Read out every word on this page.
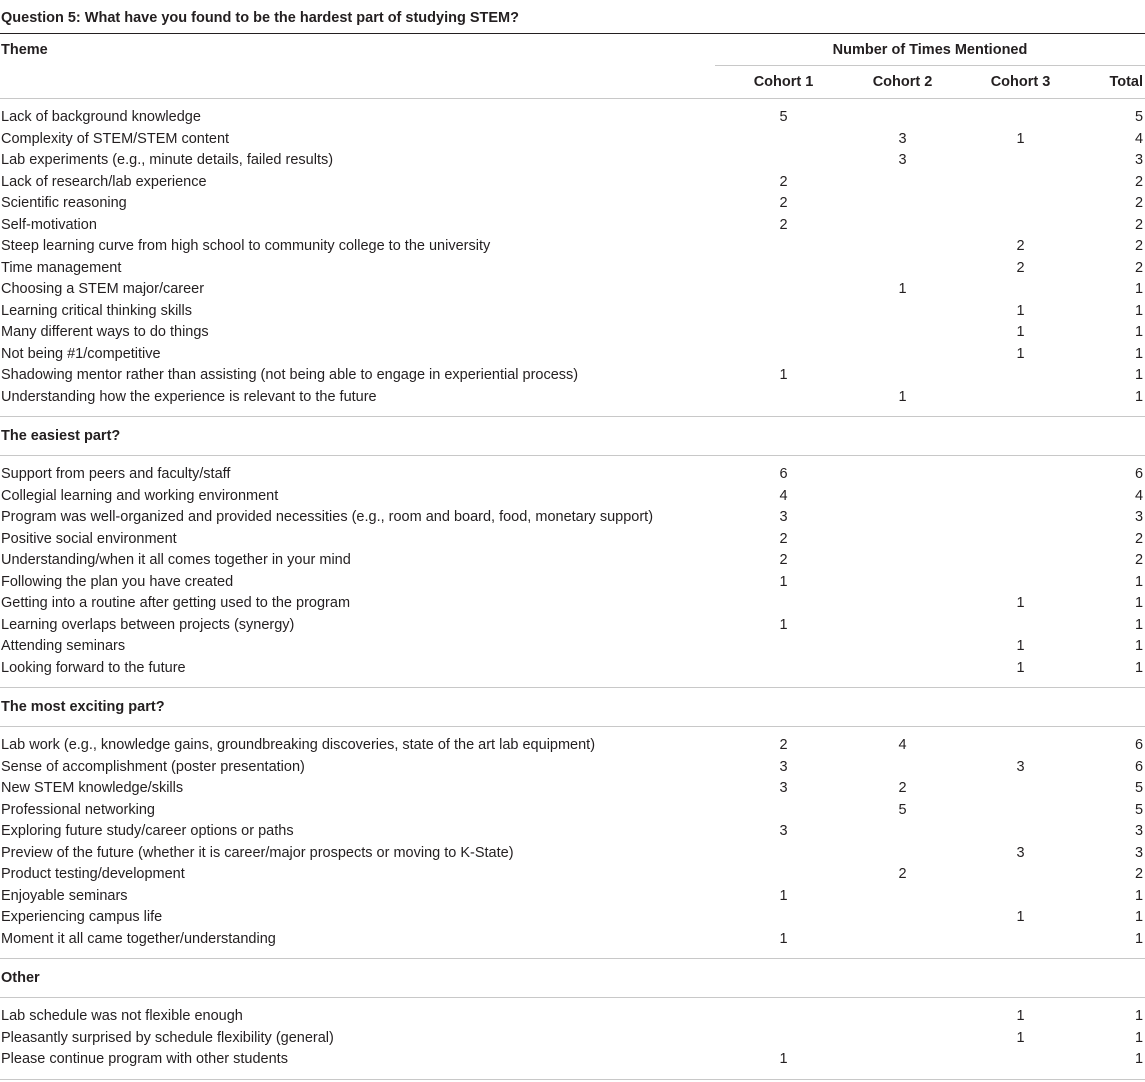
Question 5: What have you found to be the hardest part of studying STEM?
Theme	Number of Times Mentioned			
	Cohort 1	Cohort 2	Cohort 3	Total

Lack of background knowledge	5			5
Complexity of STEM/STEM content		3	1	4
Lab experiments (e.g., minute details, failed results)		3		3
Lack of research/lab experience	2			2
Scientific reasoning	2			2
Self-motivation	2			2
Steep learning curve from high school to community college to the university			2	2
Time management			2	2
Choosing a STEM major/career		1		1
Learning critical thinking skills			1	1
Many different ways to do things			1	1
Not being #1/competitive			1	1
Shadowing mentor rather than assisting (not being able to engage in experiential process)	1			1
Understanding how the experience is relevant to the future		1		1

The easiest part?				

Support from peers and faculty/staff	6			6
Collegial learning and working environment	4			4
Program was well-organized and provided necessities (e.g., room and board, food, monetary support)	3			3
Positive social environment	2			2
Understanding/when it all comes together in your mind	2			2
Following the plan you have created	1			1
Getting into a routine after getting used to the program			1	1
Learning overlaps between projects (synergy)	1			1
Attending seminars			1	1
Looking forward to the future			1	1

The most exciting part?				

Lab work (e.g., knowledge gains, groundbreaking discoveries, state of the art lab equipment)	2	4		6
Sense of accomplishment (poster presentation)	3		3	6
New STEM knowledge/skills	3	2		5
Professional networking		5		5
Exploring future study/career options or paths	3			3
Preview of the future (whether it is career/major prospects or moving to K-State)			3	3
Product testing/development		2		2
Enjoyable seminars	1			1
Experiencing campus life			1	1
Moment it all came together/understanding	1			1

Other				

Lab schedule was not flexible enough			1	1
Pleasantly surprised by schedule flexibility (general)			1	1
Please continue program with other students	1			1
